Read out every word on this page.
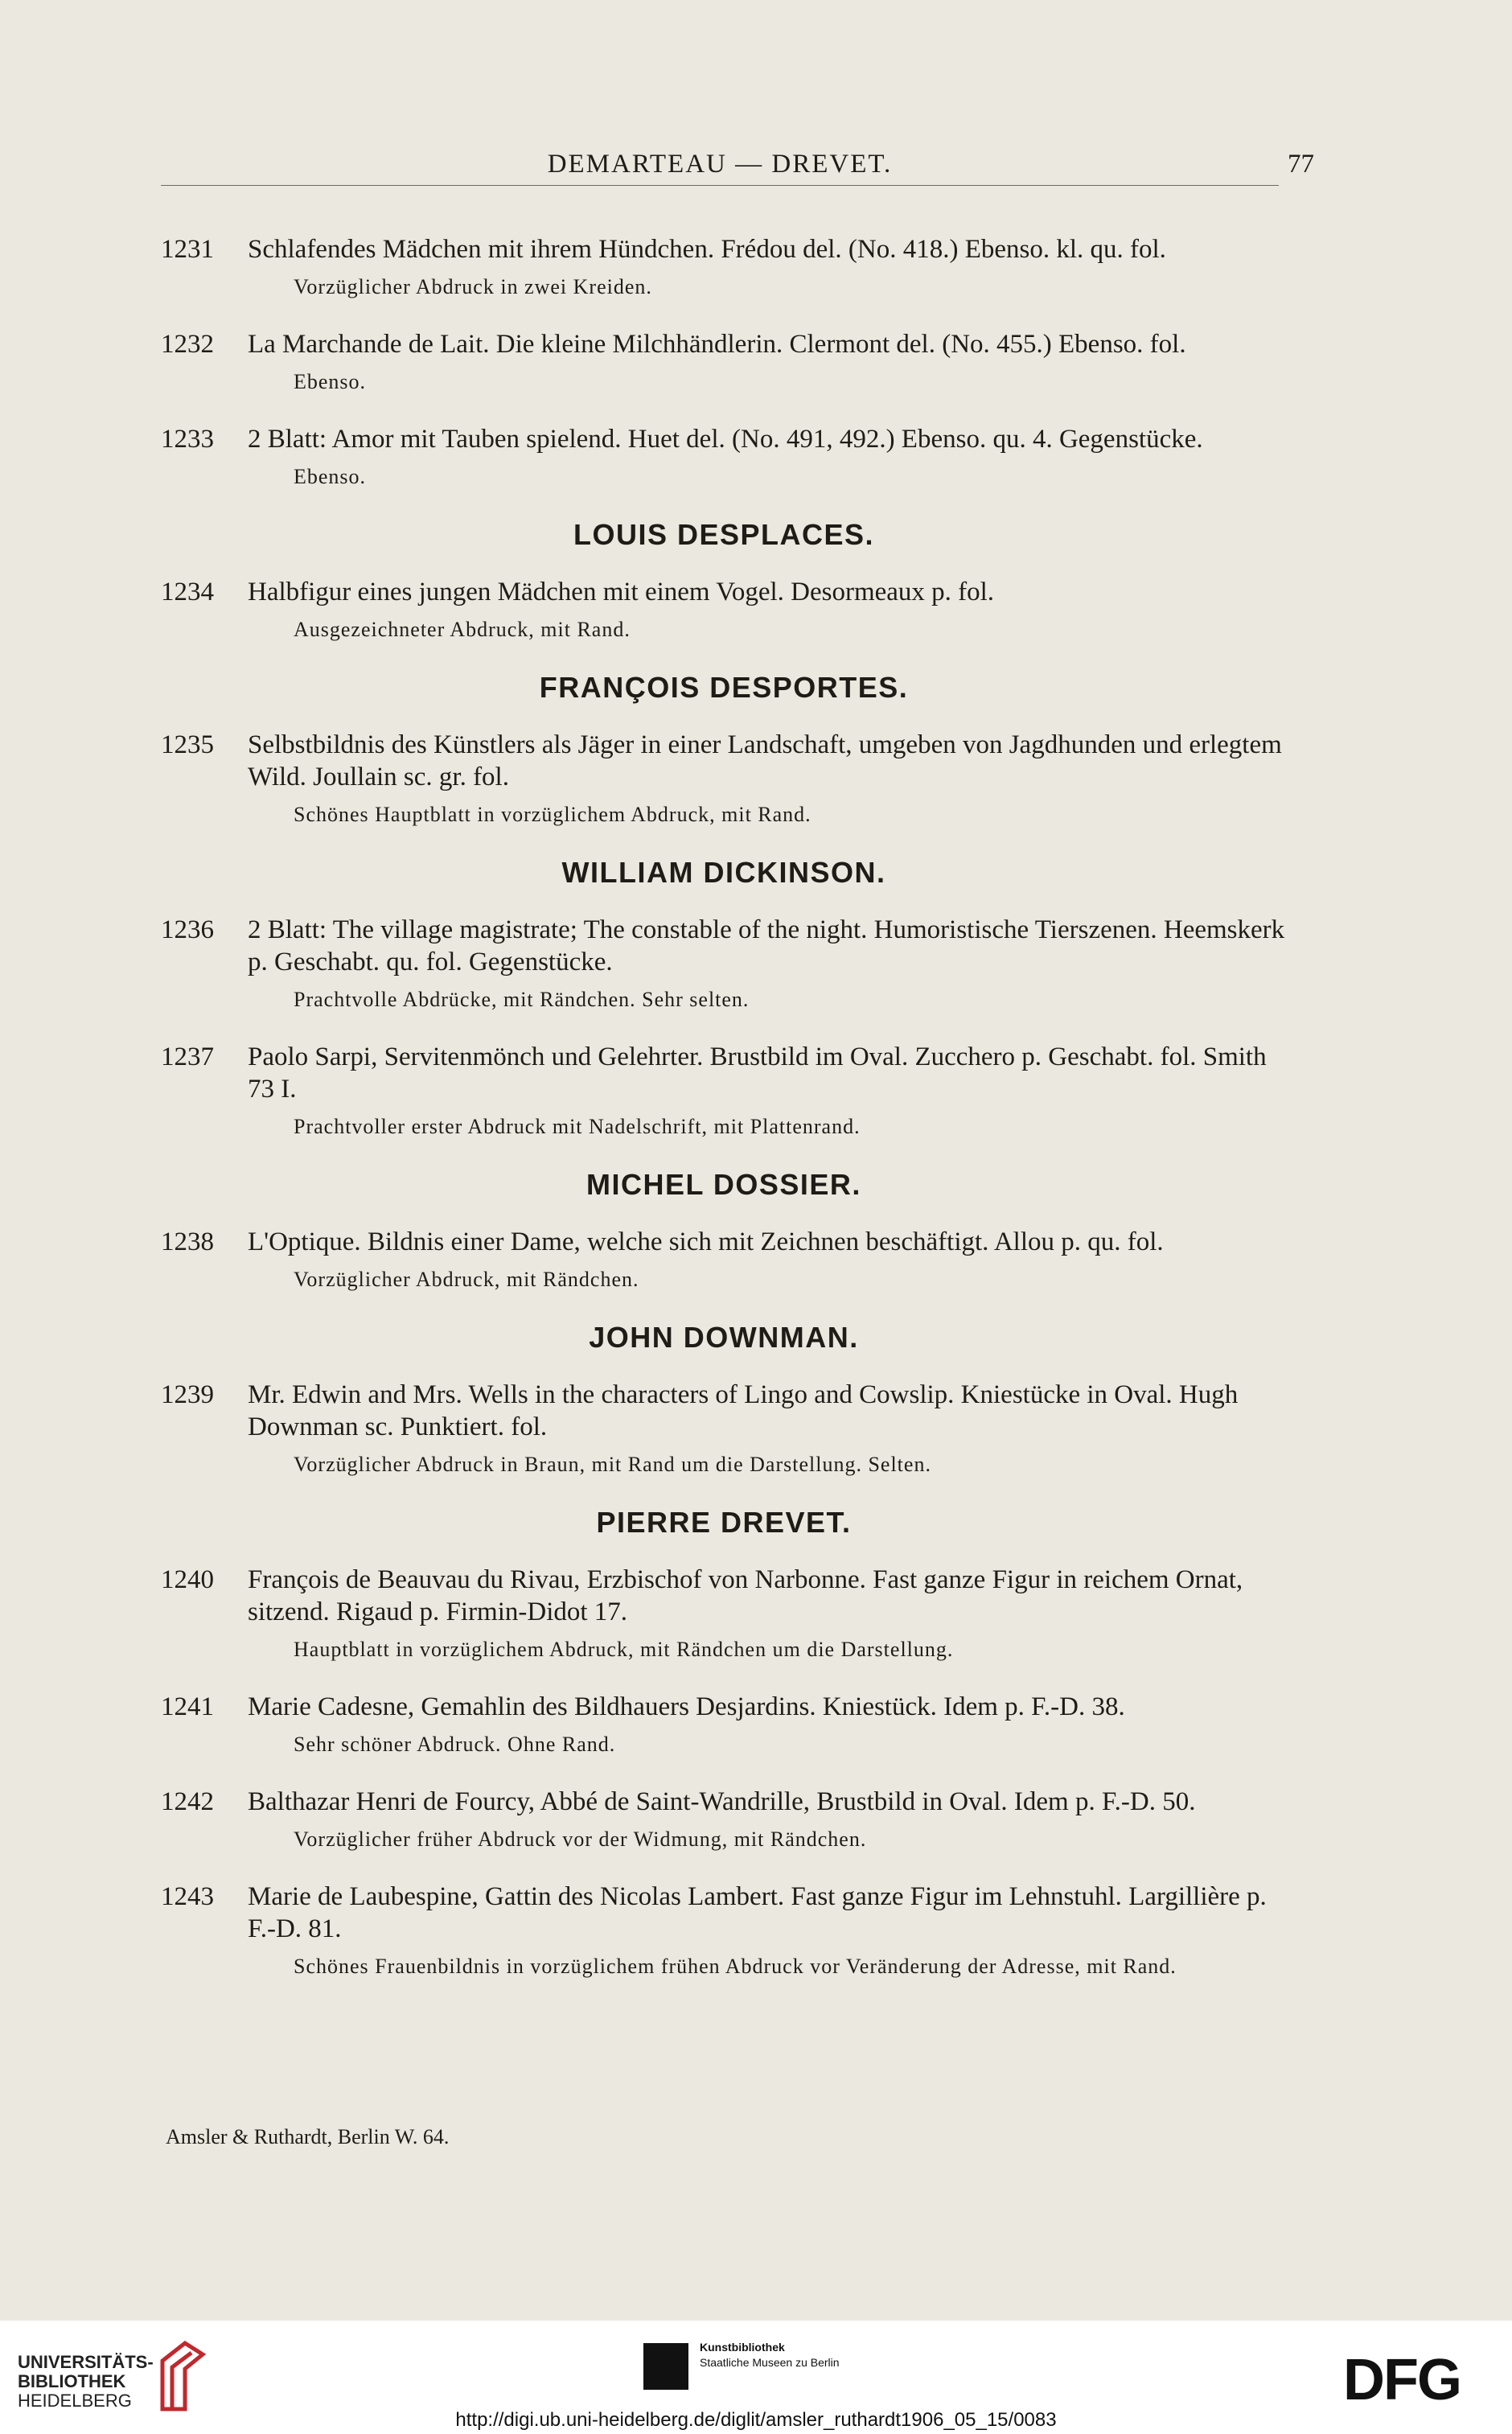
DEMARTEAU — DREVET.	77
1231	Schlafendes Mädchen mit ihrem Hündchen. Frédou del. (No. 418.) Ebenso. kl. qu. fol.
Vorzüglicher Abdruck in zwei Kreiden.
1232	La Marchande de Lait. Die kleine Milchhändlerin. Clermont del. (No. 455.) Ebenso. fol.
Ebenso.
1233	2 Blatt: Amor mit Tauben spielend. Huet del. (No. 491, 492.) Ebenso. qu. 4. Gegenstücke.
Ebenso.
LOUIS DESPLACES.
1234	Halbfigur eines jungen Mädchen mit einem Vogel. Desormeaux p. fol.
Ausgezeichneter Abdruck, mit Rand.
FRANÇOIS DESPORTES.
1235	Selbstbildnis des Künstlers als Jäger in einer Landschaft, umgeben von Jagdhunden und erlegtem Wild. Joullain sc. gr. fol.
Schönes Hauptblatt in vorzüglichem Abdruck, mit Rand.
WILLIAM DICKINSON.
1236	2 Blatt: The village magistrate; The constable of the night. Humoristische Tierszenen. Heemskerk p. Geschabt. qu. fol. Gegenstücke.
Prachtvolle Abdrücke, mit Rändchen. Sehr selten.
1237	Paolo Sarpi, Servitenmönch und Gelehrter. Brustbild im Oval. Zucchero p. Geschabt. fol. Smith 73 I.
Prachtvoller erster Abdruck mit Nadelschrift, mit Plattenrand.
MICHEL DOSSIER.
1238	L'Optique. Bildnis einer Dame, welche sich mit Zeichnen beschäftigt. Allou p. qu. fol.
Vorzüglicher Abdruck, mit Rändchen.
JOHN DOWNMAN.
1239	Mr. Edwin and Mrs. Wells in the characters of Lingo and Cowslip. Kniestücke in Oval. Hugh Downman sc. Punktiert. fol.
Vorzüglicher Abdruck in Braun, mit Rand um die Darstellung. Selten.
PIERRE DREVET.
1240	François de Beauvau du Rivau, Erzbischof von Narbonne. Fast ganze Figur in reichem Ornat, sitzend. Rigaud p. Firmin-Didot 17.
Hauptblatt in vorzüglichem Abdruck, mit Rändchen um die Darstellung.
1241	Marie Cadesne, Gemahlin des Bildhauers Desjardins. Kniestück. Idem p. F.-D. 38.
Sehr schöner Abdruck. Ohne Rand.
1242	Balthazar Henri de Fourcy, Abbé de Saint-Wandrille, Brustbild in Oval. Idem p. F.-D. 50.
Vorzüglicher früher Abdruck vor der Widmung, mit Rändchen.
1243	Marie de Laubespine, Gattin des Nicolas Lambert. Fast ganze Figur im Lehnstuhl. Largillière p. F.-D. 81.
Schönes Frauenbildnis in vorzüglichem frühen Abdruck vor Veränderung der Adresse, mit Rand.
Amsler & Ruthardt, Berlin W. 64.
UNIVERSITÄTS-
BIBLIOTHEK
HEIDELBERG
Kunstbibliothek
Staatliche Museen zu Berlin	DFG
http://digi.ub.uni-heidelberg.de/diglit/amsler_ruthardt1906_05_15/0083
